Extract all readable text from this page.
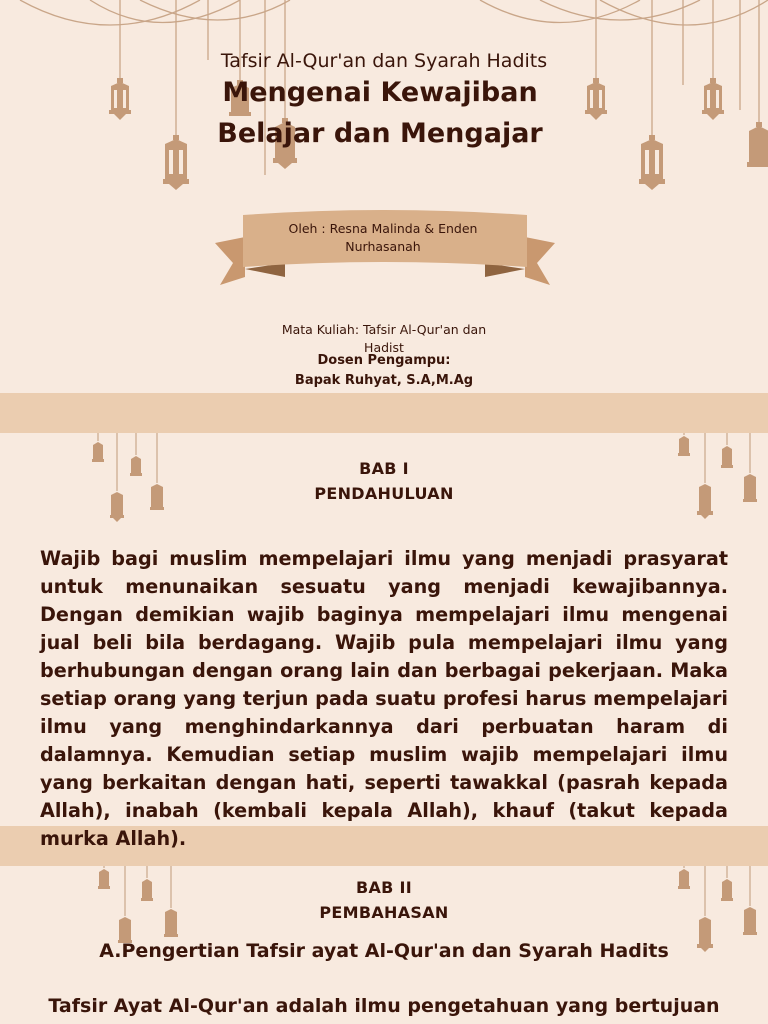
Tafsir Al-Qur'an dan Syarah Hadits
Mengenai Kewajiban
Belajar dan Mengajar
Oleh : Resna Malinda & Enden Nurhasanah
Mata Kuliah: Tafsir Al-Qur'an dan Hadist
Dosen Pengampu:
Bapak Ruhyat, S.A,M.Ag
BAB I
PENDAHULUAN
Wajib bagi muslim mempelajari ilmu yang menjadi prasyarat untuk menunaikan sesuatu yang menjadi kewajibannya. Dengan demikian wajib baginya mempelajari ilmu mengenai jual beli bila berdagang. Wajib pula mempelajari ilmu yang berhubungan dengan orang lain dan berbagai pekerjaan. Maka setiap orang yang terjun pada suatu profesi harus mempelajari ilmu yang menghindarkannya dari perbuatan haram di dalamnya. Kemudian setiap muslim wajib mempelajari ilmu yang berkaitan dengan hati, seperti tawakkal (pasrah kepada Allah), inabah (kembali kepala Allah), khauf (takut kepada murka Allah).
BAB II
PEMBAHASAN
A.Pengertian Tafsir ayat Al-Qur'an dan Syarah Hadits
Tafsir Ayat Al-Qur'an adalah ilmu pengetahuan yang bertujuan
